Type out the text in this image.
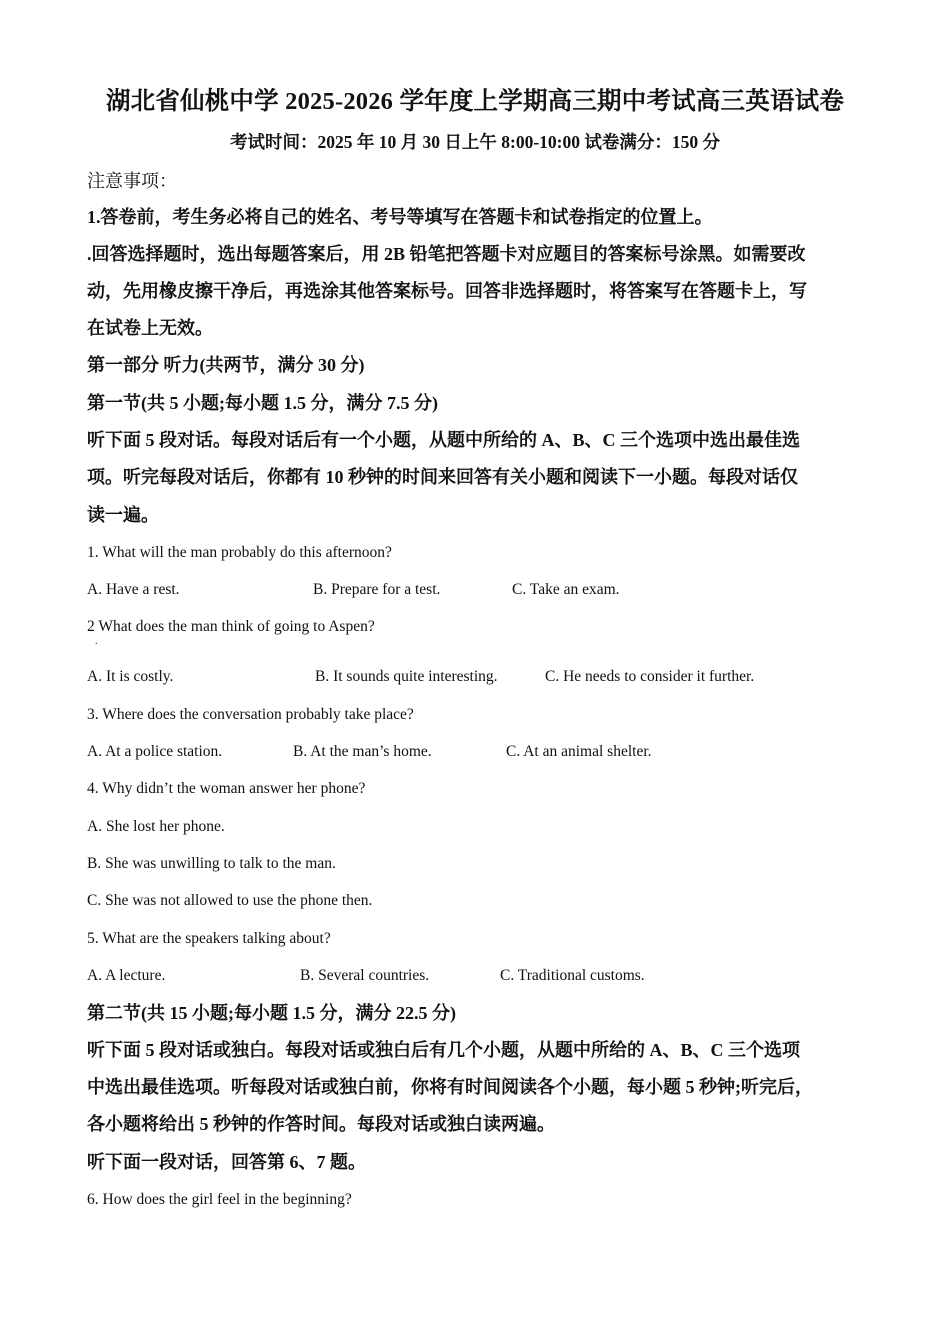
湖北省仙桃中学 2025-2026 学年度上学期高三期中考试高三英语试卷
考试时间：2025 年 10 月 30 日上午 8:00-10:00 试卷满分：150 分
注意事项：
1.答卷前，考生务必将自己的姓名、考号等填写在答题卡和试卷指定的位置上。
.回答选择题时，选出每题答案后，用 2B 铅笔把答题卡对应题目的答案标号涂黑。如需要改
动，先用橡皮擦干净后，再选涂其他答案标号。回答非选择题时，将答案写在答题卡上，写
在试卷上无效。
第一部分 听力(共两节，满分 30 分)
第一节(共 5 小题;每小题 1.5 分，满分 7.5 分)
听下面 5 段对话。每段对话后有一个小题，从题中所给的 A、B、C 三个选项中选出最佳选
项。听完每段对话后，你都有 10 秒钟的时间来回答有关小题和阅读下一小题。每段对话仅
读一遍。
1. What will the man probably do this afternoon?
A. Have a rest.	B. Prepare for a test.	C. Take an exam.
2 What does the man think of going to Aspen?
.
A. It is costly.	B. It sounds quite interesting.	C. He needs to consider it further.
3. Where does the conversation probably take place?
A. At a police station.	B. At the man’s home.	C. At an animal shelter.
4. Why didn’t the woman answer her phone?
A. She lost her phone.
B. She was unwilling to talk to the man.
C. She was not allowed to use the phone then.
5. What are the speakers talking about?
A. A lecture.	B. Several countries.	C. Traditional customs.
第二节(共 15 小题;每小题 1.5 分，满分 22.5 分)
听下面 5 段对话或独白。每段对话或独白后有几个小题，从题中所给的 A、B、C 三个选项
中选出最佳选项。听每段对话或独白前，你将有时间阅读各个小题，每小题 5 秒钟;听完后，
各小题将给出 5 秒钟的作答时间。每段对话或独白读两遍。
听下面一段对话，回答第 6、7 题。
6. How does the girl feel in the beginning?
